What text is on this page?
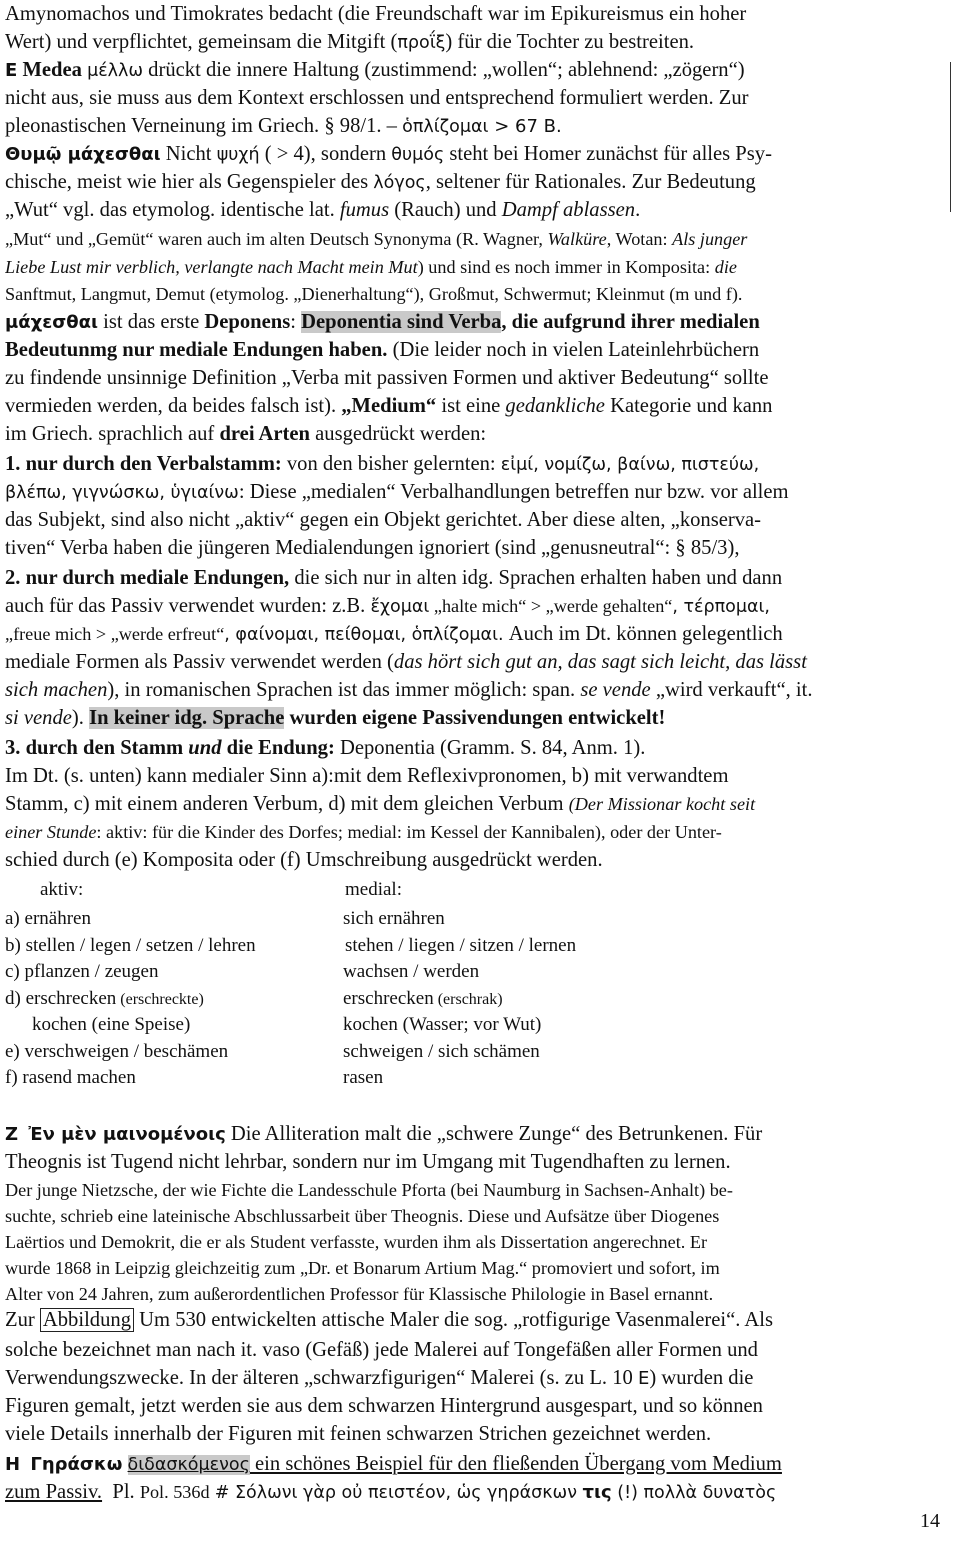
Amynomachos und Timokrates bedacht (die Freundschaft war im Epikureismus ein hoher
Wert) und verpflichtet, gemeinsam die Mitgift (προΐξ) für die Tochter zu bestreiten.
Ε Medea μέλλω drückt die innere Haltung (zustimmend: „wollen“; ablehnend: „zögern“)
nicht aus, sie muss aus dem Kontext erschlossen und entsprechend formuliert werden. Zur
pleonastischen Verneinung im Griech. § 98/1. – ὁπλίζομαι > 67 Β.
Θυμῷ μάχεσθαι Nicht ψυχή ( > 4), sondern θυμός steht bei Homer zunächst für alles Psy-
chische, meist wie hier als Gegenspieler des λόγος, seltener für Rationales. Zur Bedeutung
„Wut“ vgl. das etymolog. identische lat. fumus (Rauch) und Dampf ablassen.
„Mut“ und „Gemüt“ waren auch im alten Deutsch Synonyma (R. Wagner, Walküre, Wotan: Als junger
Liebe Lust mir verblich, verlangte nach Macht mein Mut) und sind es noch immer in Komposita: die
Sanftmut, Langmut, Demut (etymolog. „Dienerhaltung“), Großmut, Schwermut; Kleinmut (m und f).
μάχεσθαι ist das erste Deponens: Deponentia sind Verba, die aufgrund ihrer medialen
Bedeutunmg nur mediale Endungen haben. (Die leider noch in vielen Lateinlehrbüchern
zu findende unsinnige Definition „Verba mit passiven Formen und aktiver Bedeutung“ sollte
vermieden werden, da beides falsch ist). „Medium“ ist eine gedankliche Kategorie und kann
im Griech. sprachlich auf drei Arten ausgedrückt werden:
1. nur durch den Verbalstamm: von den bisher gelernten: εἰμί, νομίζω, βαίνω, πιστεύω,
βλέπω, γιγνώσκω, ὑγιαίνω: Diese „medialen“ Verbalhandlungen betreffen nur bzw. vor allem
das Subjekt, sind also nicht „aktiv“ gegen ein Objekt gerichtet. Aber diese alten, „konserva-
tiven“ Verba haben die jüngeren Medialendungen ignoriert (sind „genusneutral“: § 85/3),
2. nur durch mediale Endungen, die sich nur in alten idg. Sprachen erhalten haben und dann
auch für das Passiv verwendet wurden: z.B. ἔχομαι „halte mich“ > „werde gehalten“, τέρπομαι,
„freue mich > „werde erfreut“, φαίνομαι, πείθομαι, ὁπλίζομαι. Auch im Dt. können gelegentlich
mediale Formen als Passiv verwendet werden (das hört sich gut an, das sagt sich leicht, das lässt
sich machen), in romanischen Sprachen ist das immer möglich: span. se vende „wird verkauft“, it.
si vende). In keiner idg. Sprache wurden eigene Passivendungen entwickelt!
3. durch den Stamm und die Endung: Deponentia (Gramm. S. 84, Anm. 1).
Im Dt. (s. unten) kann medialer Sinn a):mit dem Reflexivpronomen, b) mit verwandtem
Stamm, c) mit einem anderen Verbum, d) mit dem gleichen Verbum (Der Missionar kocht seit
einer Stunde: aktiv: für die Kinder des Dorfes; medial: im Kessel der Kannibalen), oder der Unter-
schied durch (e) Komposita oder (f) Umschreibung ausgedrückt werden.
aktiv:	medial:
a) ernähren	sich ernähren
b) stellen / legen / setzen / lehren	stehen / liegen / sitzen / lernen
c) pflanzen / zeugen	wachsen / werden
d) erschrecken (erschreckte)	erschrecken (erschrak)
kochen (eine Speise)	kochen (Wasser; vor Wut)
e) verschweigen / beschämen	schweigen / sich schämen
f) rasend machen	rasen
Ζ Ἐν μὲν μαινομένοις Die Alliteration malt die „schwere Zunge“ des Betrunkenen. Für
Theognis ist Tugend nicht lehrbar, sondern nur im Umgang mit Tugendhaften zu lernen.
Der junge Nietzsche, der wie Fichte die Landesschule Pforta (bei Naumburg in Sachsen-Anhalt) be-
suchte, schrieb eine lateinische Abschlussarbeit über Theognis. Diese und Aufsätze über Diogenes
Laërtios und Demokrit, die er als Student verfasste, wurden ihm als Dissertation angerechnet. Er
wurde 1868 in Leipzig gleichzeitig zum „Dr. et Bonarum Artium Mag.“ promoviert und sofort, im
Alter von 24 Jahren, zum außerordentlichen Professor für Klassische Philologie in Basel ernannt.
Zur Abbildung Um 530 entwickelten attische Maler die sog. „rotfigurige Vasenmalerei“. Als
solche bezeichnet man nach it. vaso (Gefäß) jede Malerei auf Tongefäßen aller Formen und
Verwendungszwecke. In der älteren „schwarzfigurigen“ Malerei (s. zu L. 10 E) wurden die
Figuren gemalt, jetzt werden sie aus dem schwarzen Hintergrund ausgespart, und so können
viele Details innerhalb der Figuren mit feinen schwarzen Strichen gezeichnet werden.
Η Γηράσκω διδασκόμενος ein schönes Beispiel für den fließenden Übergang vom Medium
zum Passiv. Pl. Pol. 536d # Σόλωνι γὰρ οὐ πειστέον, ὡς γηράσκων τις (!) πολλὰ δυνατὸς
14
